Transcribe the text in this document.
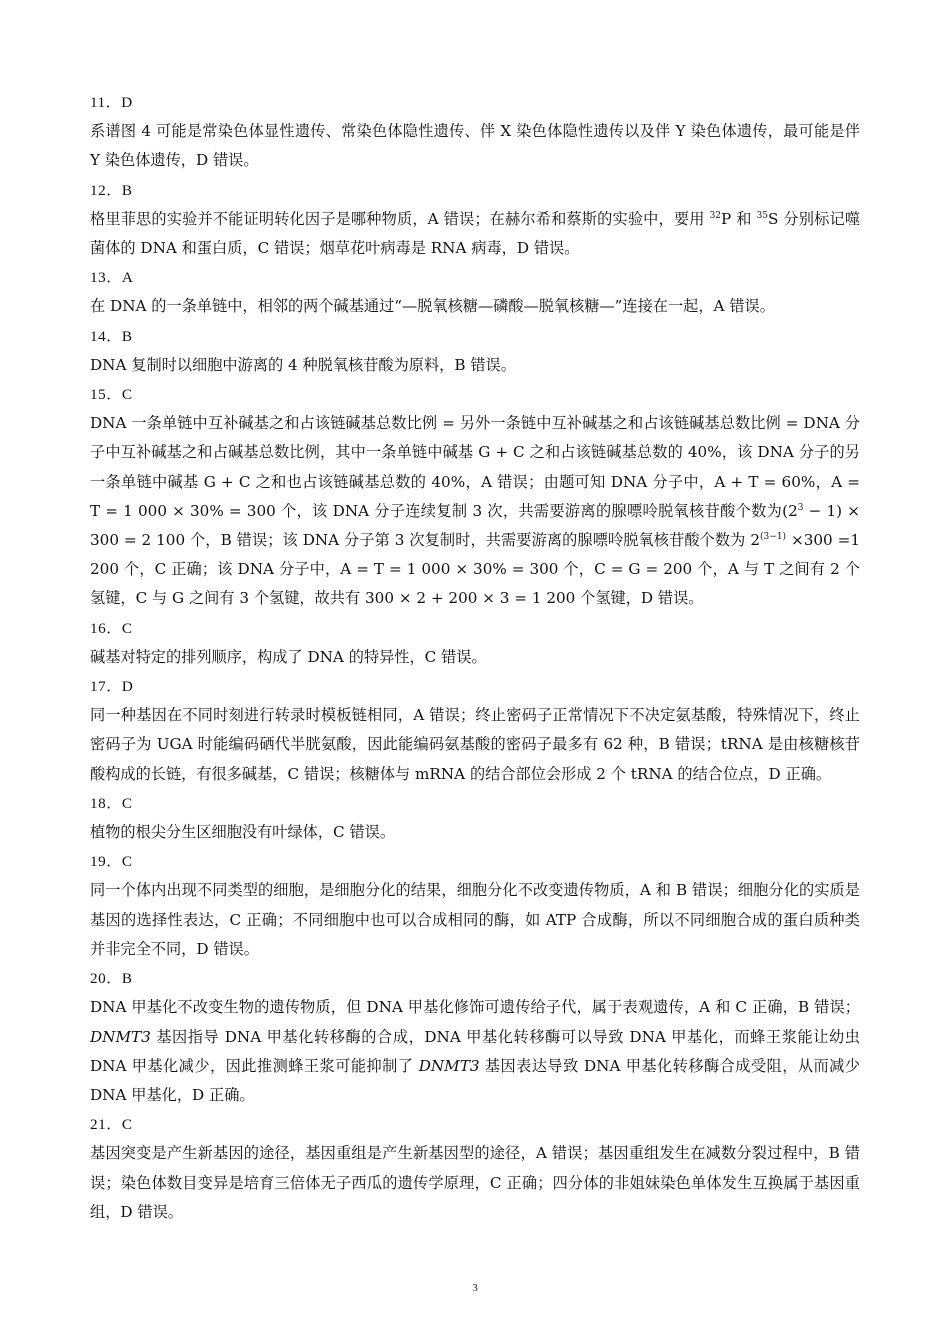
11．D
系谱图 4 可能是常染色体显性遗传、常染色体隐性遗传、伴 X 染色体隐性遗传以及伴 Y 染色体遗传，最可能是伴 Y 染色体遗传，D 错误。
12．B
格里菲思的实验并不能证明转化因子是哪种物质，A 错误；在赫尔希和蔡斯的实验中，要用 $^{32}$P 和 $^{35}$S 分别标记噬菌体的 DNA 和蛋白质，C 错误；烟草花叶病毒是 RNA 病毒，D 错误。
13．A
在 DNA 的一条单链中，相邻的两个碱基通过“—脱氧核糖—磷酸—脱氧核糖—”连接在一起，A 错误。
14．B
DNA 复制时以细胞中游离的 4 种脱氧核苷酸为原料，B 错误。
15．C
DNA 一条单链中互补碱基之和占该链碱基总数比例 = 另外一条链中互补碱基之和占该链碱基总数比例 = DNA 分子中互补碱基之和占碱基总数比例，其中一条单链中碱基 G + C 之和占该链碱基总数的 40%，该 DNA 分子的另一条单链中碱基 G + C 之和也占该链碱基总数的 40%，A 错误；由题可知 DNA 分子中，A + T = 60%，A = T = 1 000 × 30% = 300 个，该 DNA 分子连续复制 3 次，共需要游离的腺嘌呤脱氧核苷酸个数为$(2^3 - 1) \times 300 = 2$ 100 个，B 错误；该 DNA 分子第 3 次复制时，共需要游离的腺嘌呤脱氧核苷酸个数为 $2^{(3-1)} \times 300 =1$ 200 个，C 正确；该 DNA 分子中，A = T = 1 000 × 30% = 300 个，C = G = 200 个，A 与 T 之间有 2 个氢键，C 与 G 之间有 3 个氢键，故共有 300 × 2 + 200 × 3 = 1 200 个氢键，D 错误。
16．C
碱基对特定的排列顺序，构成了 DNA 的特异性，C 错误。
17．D
同一种基因在不同时刻进行转录时模板链相同，A 错误；终止密码子正常情况下不决定氨基酸，特殊情况下，终止密码子为 UGA 时能编码硒代半胱氨酸，因此能编码氨基酸的密码子最多有 62 种，B 错误；tRNA 是由核糖核苷酸构成的长链，有很多碱基，C 错误；核糖体与 mRNA 的结合部位会形成 2 个 tRNA 的结合位点，D 正确。
18．C
植物的根尖分生区细胞没有叶绿体，C 错误。
19．C
同一个体内出现不同类型的细胞，是细胞分化的结果，细胞分化不改变遗传物质，A 和 B 错误；细胞分化的实质是基因的选择性表达，C 正确；不同细胞中也可以合成相同的酶，如 ATP 合成酶，所以不同细胞合成的蛋白质种类并非完全不同，D 错误。
20．B
DNA 甲基化不改变生物的遗传物质，但 DNA 甲基化修饰可遗传给子代，属于表观遗传，A 和 C 正确，B 错误；DNMT3 基因指导 DNA 甲基化转移酶的合成，DNA 甲基化转移酶可以导致 DNA 甲基化，而蜂王浆能让幼虫 DNA 甲基化减少，因此推测蜂王浆可能抑制了 DNMT3 基因表达导致 DNA 甲基化转移酶合成受阻，从而减少 DNA 甲基化，D 正确。
21．C
基因突变是产生新基因的途径，基因重组是产生新基因型的途径，A 错误；基因重组发生在减数分裂过程中，B 错误；染色体数目变异是培育三倍体无子西瓜的遗传学原理，C 正确；四分体的非姐妹染色单体发生互换属于基因重组，D 错误。
3
